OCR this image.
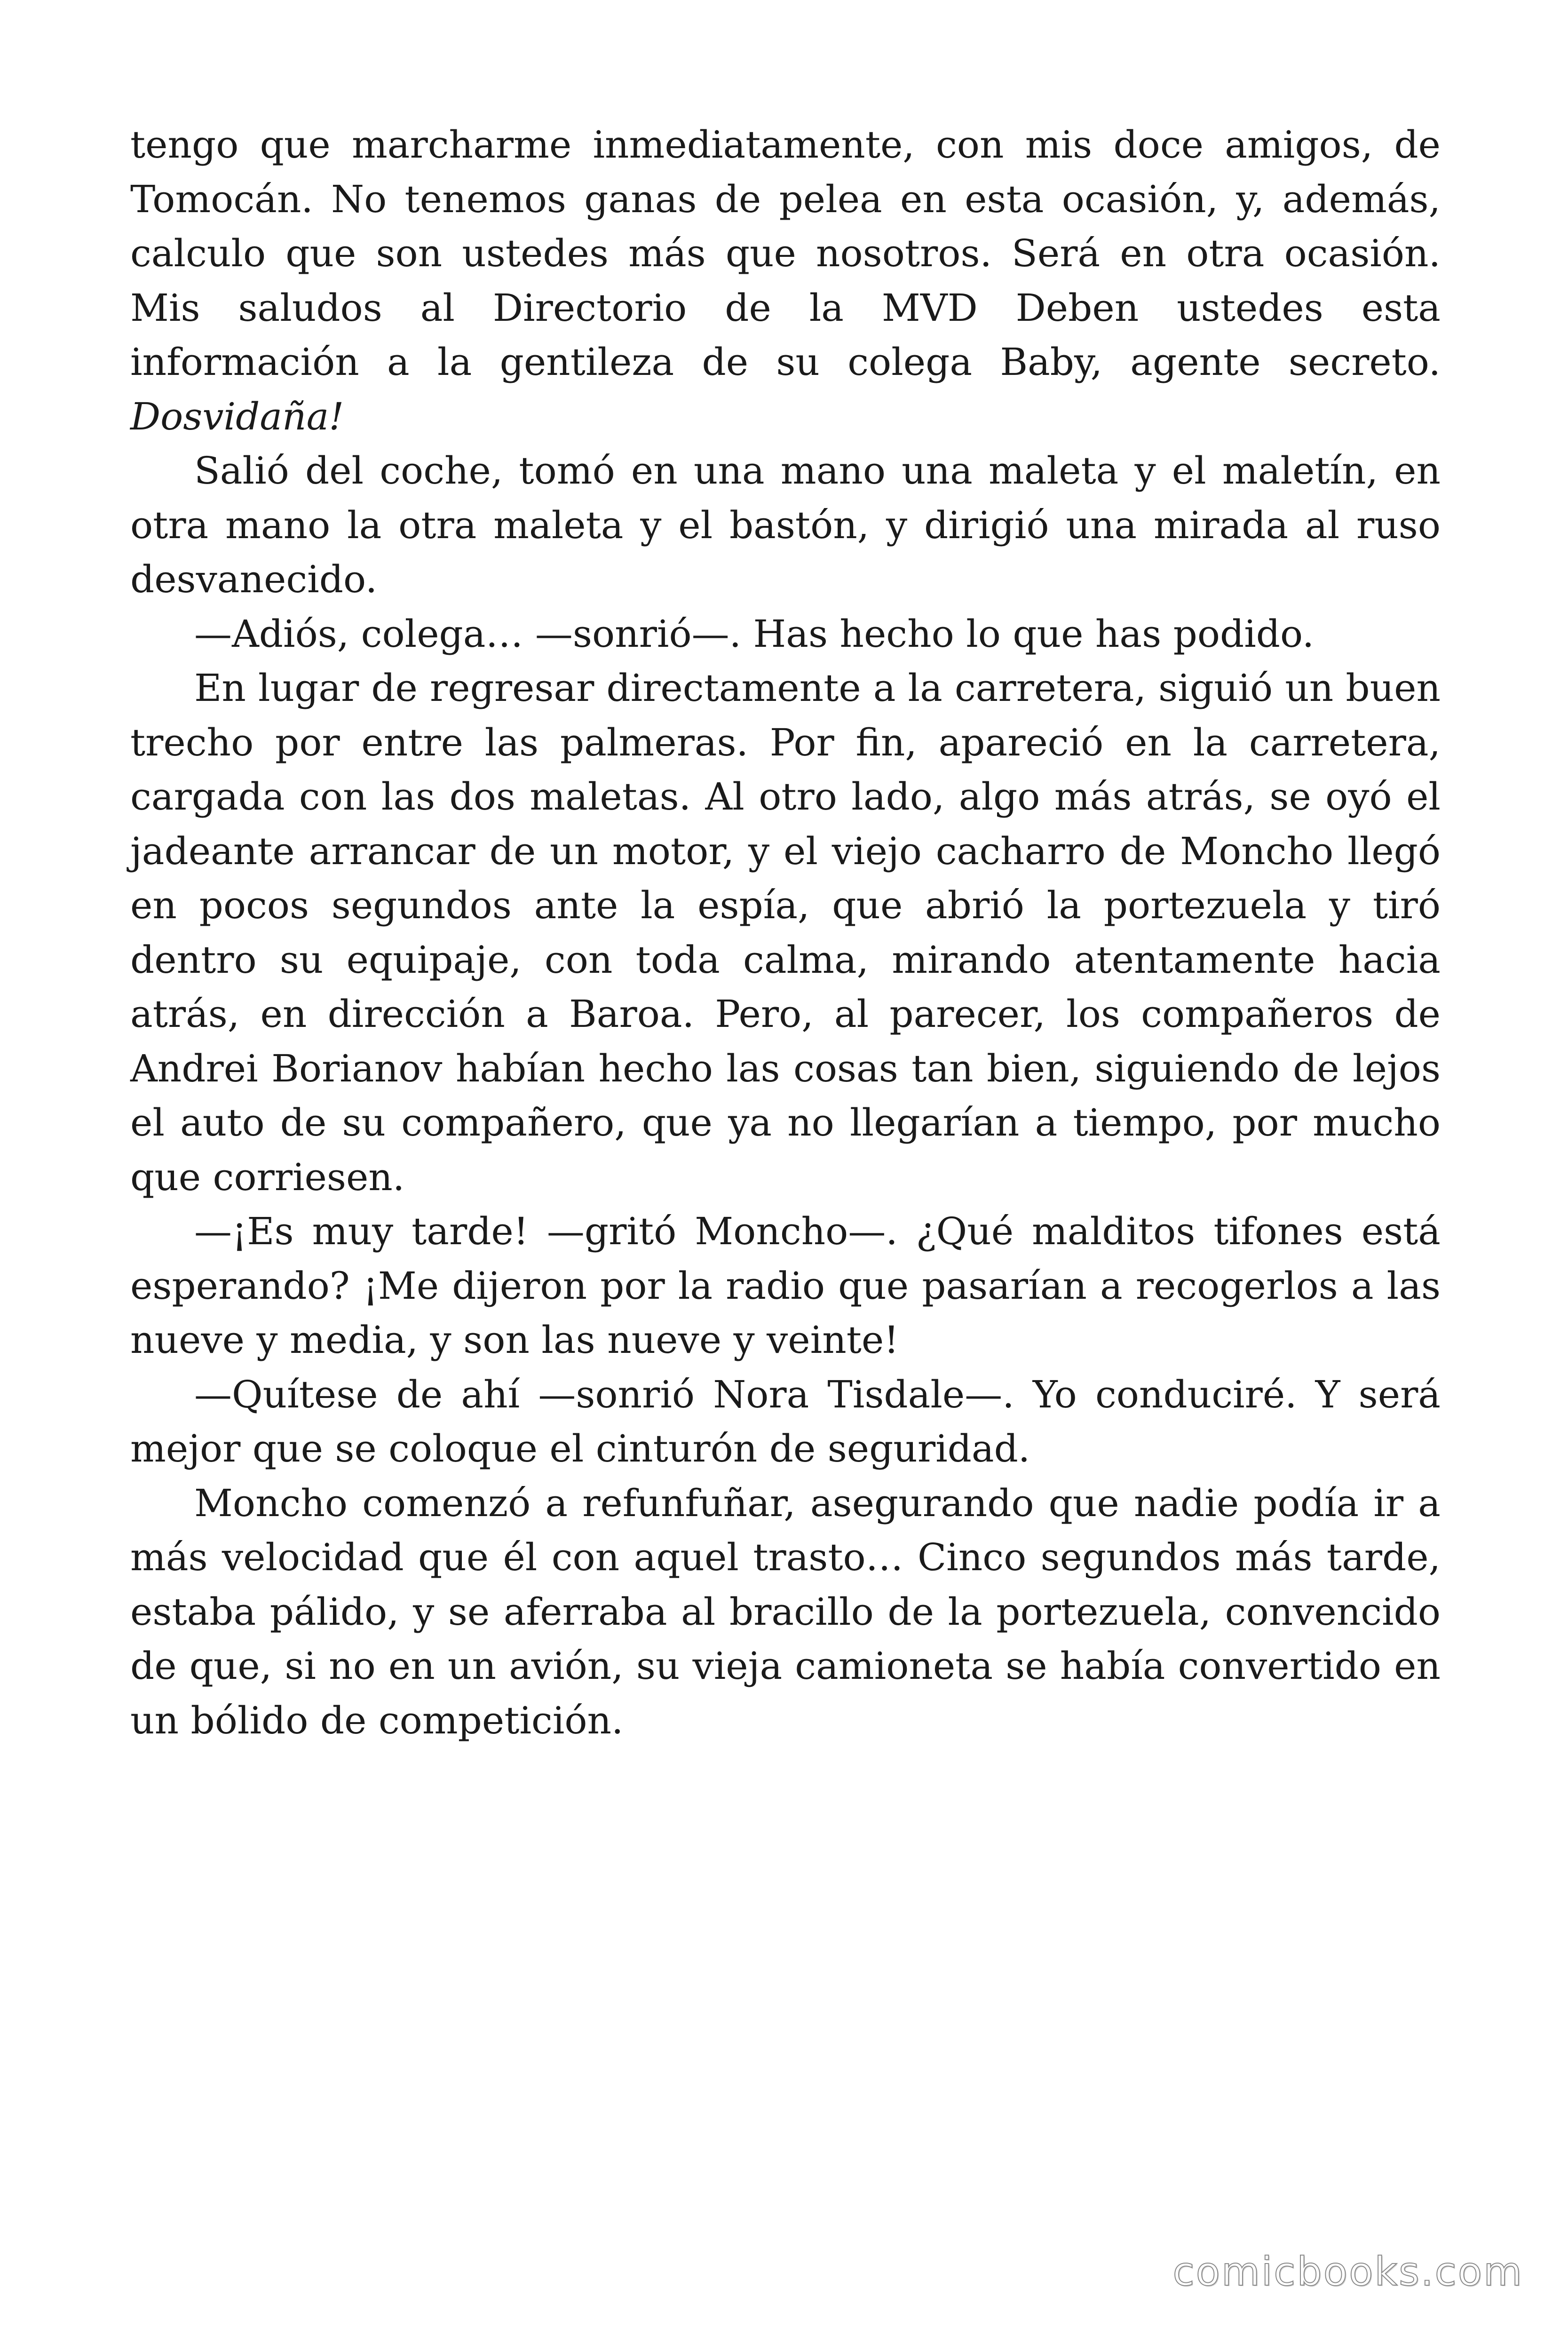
tengo que marcharme inmediatamente, con mis doce amigos, de Tomocán. No tenemos ganas de pelea en esta ocasión, y, además, calculo que son ustedes más que nosotros. Será en otra ocasión. Mis saludos al Directorio de la MVD Deben ustedes esta información a la gentileza de su colega Baby, agente secreto. Dosvidaña!

Salió del coche, tomó en una mano una maleta y el maletín, en otra mano la otra maleta y el bastón, y dirigió una mirada al ruso desvanecido.

—Adiós, colega… —sonrió—. Has hecho lo que has podido.

En lugar de regresar directamente a la carretera, siguió un buen trecho por entre las palmeras. Por fin, apareció en la carretera, cargada con las dos maletas. Al otro lado, algo más atrás, se oyó el jadeante arrancar de un motor, y el viejo cacharro de Moncho llegó en pocos segundos ante la espía, que abrió la portezuela y tiró dentro su equipaje, con toda calma, mirando atentamente hacia atrás, en dirección a Baroa. Pero, al parecer, los compañeros de Andrei Borianov habían hecho las cosas tan bien, siguiendo de lejos el auto de su compañero, que ya no llegarían a tiempo, por mucho que corriesen.

—¡Es muy tarde! —gritó Moncho—. ¿Qué malditos tifones está esperando? ¡Me dijeron por la radio que pasarían a recogerlos a las nueve y media, y son las nueve y veinte!

—Quítese de ahí —sonrió Nora Tisdale—. Yo conduciré. Y será mejor que se coloque el cinturón de seguridad.

Moncho comenzó a refunfuñar, asegurando que nadie podía ir a más velocidad que él con aquel trasto… Cinco segundos más tarde, estaba pálido, y se aferraba al bracillo de la portezuela, convencido de que, si no en un avión, su vieja camioneta se había convertido en un bólido de competición.

comicbooks.com
